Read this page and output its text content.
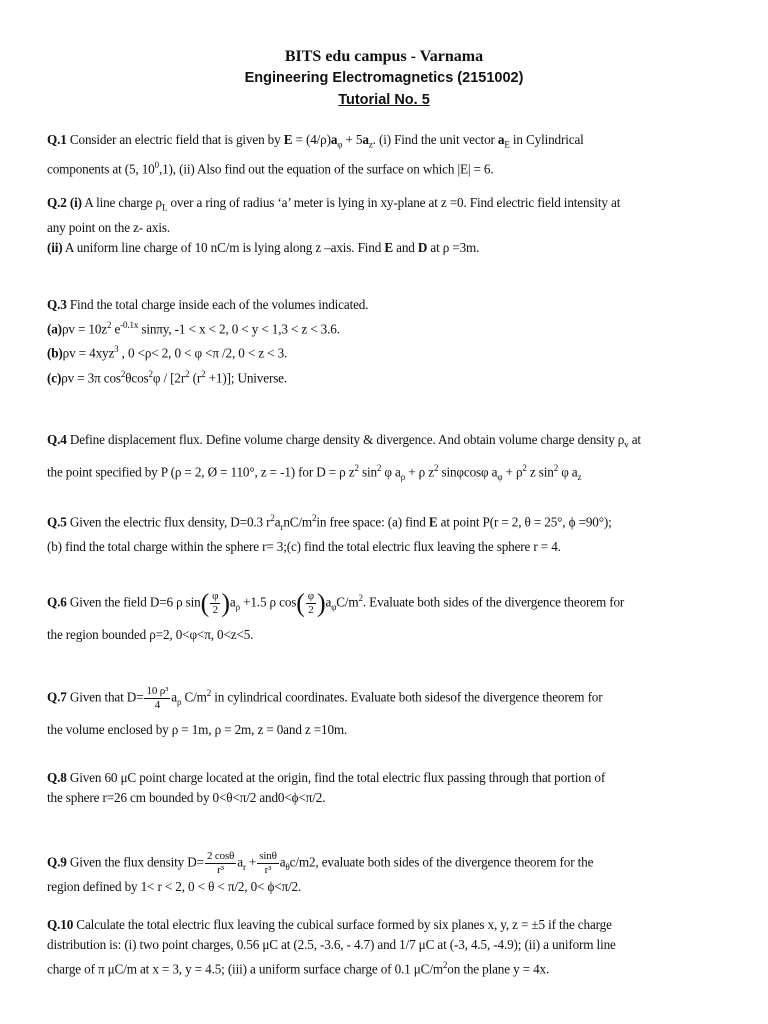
BITS edu campus - Varnama
Engineering Electromagnetics (2151002)
Tutorial No. 5
Q.1 Consider an electric field that is given by $E = (4/\rho)a_\varphi + 5a_z$. (i) Find the unit vector $a_E$ in Cylindrical
components at (5, $10^0,1$), (ii) Also find out the equation of the surface on which |E| = 6.
Q.2 (i) A line charge $\rho_L$ over a ring of radius ‘a’ meter is lying in xy-plane at z =0. Find electric field intensity at
any point on the z- axis.
(ii) A uniform line charge of 10 nC/m is lying along z –axis. Find E and D at ρ =3m.
Q.3 Find the total charge inside each of the volumes indicated.
$(a)\rho v = 10z^2$ $e^{-0.1x}$ sinπy, -1 < x < 2, 0 < y < 1,3 < z < 3.6.
(b)ρv = 4xyz$^3$ , 0 <ρ< 2, 0 < φ <π /2, 0 < z < 3.
(c)ρv = 3π $\cos^2\theta\cos^2\varphi / [2r^2$ $(r^2 +1)$]; Universe.
Q.4 Define displacement flux. Define volume charge density & divergence. And obtain volume charge density $\rho_v$ at
the point specified by P (ρ = 2, Ø = 110°, z = -1) for D = ρ $z^2$ $\sin^2 \varphi$ $a_\rho + \rho$ $z^2$ sinφcosφ $a_\varphi + \rho^2$ z $\sin^2 \varphi$ $a_z$
Q.5 Given the electric flux density, D=0.3 $r^2a_rnC/m^2in$ free space: (a) find E at point P(r = 2, θ = 25°, ϕ =90°);
(b) find the total charge within the sphere r= 3;(c) find the total electric flux leaving the sphere r = 4.
Q.6 Given the field D=6 ρ $\sin( \frac{\varphi}{2} )a_\rho +1.5$ ρ $\cos( \frac{\varphi}{2} )a_\varphi C/m^2$. Evaluate both sides of the divergence theorem for
the region bounded ρ=2, 0<φ<π, 0<z<5.
Q.7 Given that $D= \frac{\text{10 ρ³}}{4} a_\rho$ $C/m^2$ in cylindrical coordinates. Evaluate both sidesof the divergence theorem for
the volume enclosed by ρ = 1m, ρ = 2m, z = 0and z =10m.
Q.8 Given 60 μC point charge located at the origin, find the total electric flux passing through that portion of
the sphere r=26 cm bounded by 0<θ<π/2 and0<ϕ<π/2.
Q.9 Given the flux density $D= \frac{2 \cos\theta}{\text{r³}} a_r + \frac{\sin\theta}{\text{r³}} a_\theta c/m2$, evaluate both sides of the divergence theorem for the
region defined by 1< r < 2, 0 < θ < π/2, 0< ϕ<π/2.
Q.10 Calculate the total electric flux leaving the cubical surface formed by six planes x, y, z = ±5 if the charge
distribution is: (i) two point charges, 0.56 μC at (2.5, -3.6, - 4.7) and 1/7 μC at (-3, 4.5, -4.9); (ii) a uniform line
charge of π μC/m at x = 3, y = 4.5; (iii) a uniform surface charge of 0.1 $\mu C/m^2on$ the plane y = 4x.
